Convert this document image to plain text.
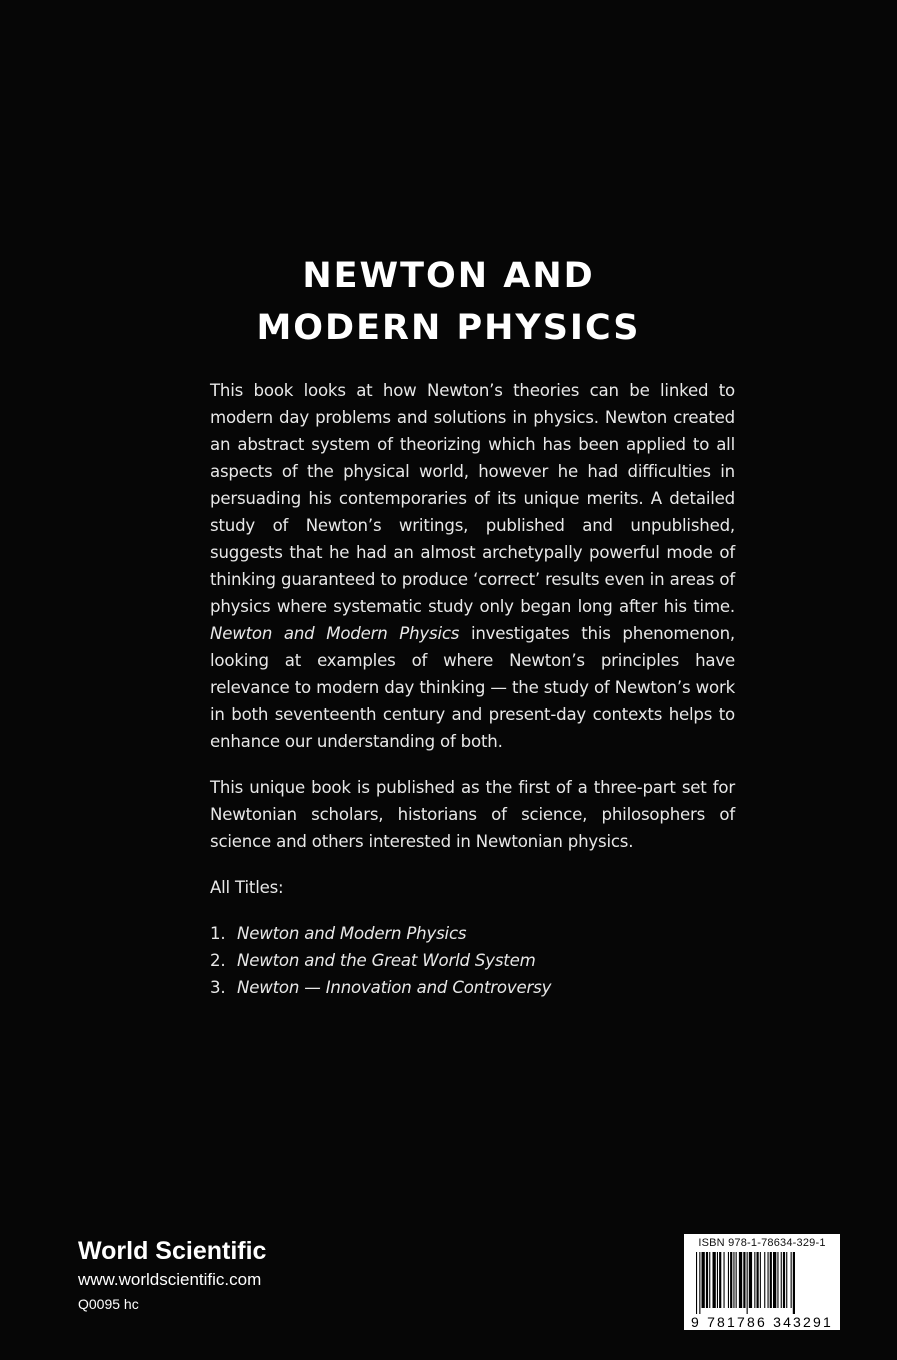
NEWTON AND
MODERN PHYSICS

This book looks at how Newton’s theories can be linked to modern day problems and solutions in physics. Newton created an abstract system of theorizing which has been applied to all aspects of the physical world, however he had difficulties in persuading his contemporaries of its unique merits. A detailed study of Newton’s writings, published and unpublished, suggests that he had an almost archetypally powerful mode of thinking guaranteed to produce ‘correct’ results even in areas of physics where systematic study only began long after his time. Newton and Modern Physics investigates this phenomenon, looking at examples of where Newton’s principles have relevance to modern day thinking — the study of Newton’s work in both seventeenth century and present-day contexts helps to enhance our understanding of both.

This unique book is published as the first of a three-part set for Newtonian scholars, historians of science, philosophers of science and others interested in Newtonian physics.

All Titles:

1. Newton and Modern Physics
2. Newton and the Great World System
3. Newton — Innovation and Controversy
World Scientific
www.worldscientific.com
Q0095 hc
ISBN 978-1-78634-329-1
9 781786 343291
